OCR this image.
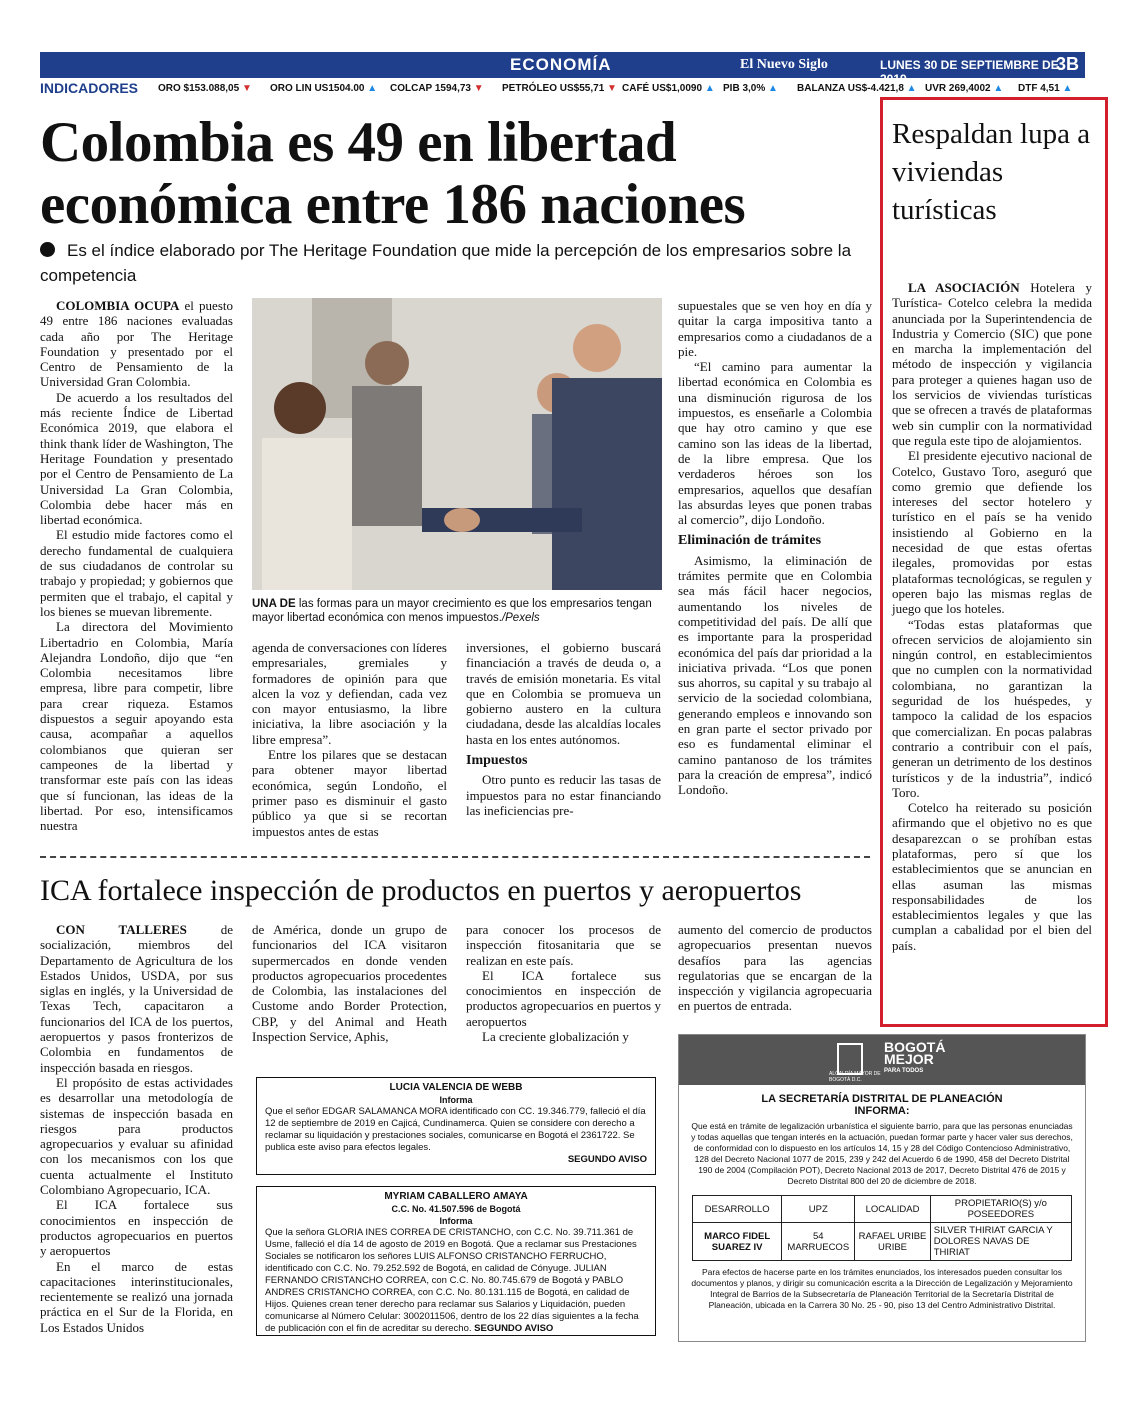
ECONOMÍA	El Nuevo Siglo	LUNES 30 DE SEPTIEMBRE DE 2019
3B
INDICADORES ORO $153.088,05 ▼ ORO LIN US1504.00 ▲ COLCAP 1594,73 ▼ PETRÓLEO US$55,71 ▼ CAFÉ US$1,0090 ▲ PIB 3,0% ▲ BALANZA US$-4.421,8 ▲ UVR 269,4002 ▲ DTF 4,51 ▲
Colombia es 49 en libertad económica entre 186 naciones
Es el índice elaborado por The Heritage Foundation que mide la percepción de los empresarios sobre la competencia

COLOMBIA OCUPA el puesto 49 entre 186 naciones evaluadas cada año por The Heritage Foundation y presentado por el Centro de Pensamiento de la Universidad Gran Colombia.

De acuerdo a los resultados del más reciente Índice de Libertad Económica 2019, que elabora el think thank líder de Washington, The Heritage Foundation y presentado por el Centro de Pensamiento de La Universidad La Gran Colombia, Colombia debe hacer más en libertad económica.

El estudio mide factores como el derecho fundamental de cualquiera de sus ciudadanos de controlar su trabajo y propiedad; y gobiernos que permiten que el trabajo, el capital y los bienes se muevan libremente.

La directora del Movimiento Libertadrio en Colombia, María Alejandra Londoño, dijo que “en Colombia necesitamos libre empresa, libre para competir, libre para crear riqueza. Estamos dispuestos a seguir apoyando esta causa, acompañar a aquellos colombianos que quieran ser campeones de la libertad y transformar este país con las ideas que sí funcionan, las ideas de la libertad. Por eso, intensificamos nuestra

UNA DE las formas para un mayor crecimiento es que los empresarios tengan mayor libertad económica con menos impuestos./Pexels

agenda de conversaciones con líderes empresariales, gremiales y formadores de opinión para que alcen la voz y defiendan, cada vez con mayor entusiasmo, la libre iniciativa, la libre asociación y la libre empresa”.

Entre los pilares que se destacan para obtener mayor libertad económica, según Londoño, el primer paso es disminuir el gasto público ya que si se recortan impuestos antes de estas

inversiones, el gobierno buscará financiación a través de deuda o, a través de emisión monetaria. Es vital que en Colombia se promueva un gobierno austero en la cultura ciudadana, desde las alcaldías locales hasta en los entes autónomos.

Impuestos

Otro punto es reducir las tasas de impuestos para no estar financiando las ineficiencias pre-

supuestales que se ven hoy en día y quitar la carga impositiva tanto a empresarios como a ciudadanos de a pie.

“El camino para aumentar la libertad económica en Colombia es una disminución rigurosa de los impuestos, es enseñarle a Colombia que hay otro camino y que ese camino son las ideas de la libertad, de la libre empresa. Que los verdaderos héroes son los empresarios, aquellos que desafían las absurdas leyes que ponen trabas al comercio”, dijo Londoño.

Eliminación de trámites

Asimismo, la eliminación de trámites permite que en Colombia sea más fácil hacer negocios, aumentando los niveles de competitividad del país. De allí que es importante para la prosperidad económica del país dar prioridad a la iniciativa privada. “Los que ponen sus ahorros, su capital y su trabajo al servicio de la sociedad colombiana, generando empleos e innovando son en gran parte el sector privado por eso es fundamental eliminar el camino pantanoso de los trámites para la creación de empresa”, indicó Londoño.

ICA fortalece inspección de productos en puertos y aeropuertos

CON TALLERES	de socialización, miembros del Departamento de Agricultura de los Estados Unidos, USDA, por sus siglas en inglés, y la Universidad de Texas Tech, capacitaron a funcionarios del ICA de los puertos, aeropuertos y pasos fronterizos de Colombia en fundamentos de inspección basada en riesgos.

El propósito de estas actividades es desarrollar una metodología de sistemas de inspección basada en riesgos para productos agropecuarios y evaluar su afinidad con los mecanismos con los que cuenta actualmente el Instituto Colombiano Agropecuario, ICA.

El ICA fortalece sus conocimientos en inspección de productos agropecuarios en puertos y aeropuertos

En el marco de estas capacitaciones interinstitucionales, recientemente se realizó una jornada práctica en el Sur de la Florida, en Los Estados Unidos

de América, donde un grupo de funcionarios del ICA visitaron supermercados en donde venden productos agropecuarios procedentes de Colombia, las instalaciones del Custome ando Border Protection, CBP, y del Animal and Heath Inspection Service, Aphis,

para conocer los procesos de inspección fitosanitaria que se realizan en este país.

El ICA fortalece sus conocimientos en inspección de productos agropecuarios en puertos y aeropuertos

La creciente globalización y

aumento del comercio de productos agropecuarios presentan nuevos desafíos para las agencias regulatorias que se encargan de la inspección y vigilancia agropecuaria en puertos de entrada.

LUCIA VALENCIA DE WEBB
Informa
Que el señor EDGAR SALAMANCA MORA identificado con CC. 19.346.779, falleció el día 12 de septiembre de 2019 en Cajicá, Cundinamerca. Quien se considere con derecho a reclamar su liquidación y prestaciones sociales, comunicarse en Bogotá el 2361722. Se publica este aviso para efectos legales.
SEGUNDO AVISO
MYRIAM CABALLERO AMAYA
C.C. No. 41.507.596 de Bogotá
Informa
Que la señora GLORIA INES CORREA DE CRISTANCHO, con C.C. No. 39.711.361 de Usme, falleció el día 14 de agosto de 2019 en Bogotá. Que a reclamar sus Prestaciones Sociales se notificaron los señores LUIS ALFONSO CRISTANCHO FERRUCHO, identificado con C.C. No. 79.252.592 de Bogotá, en calidad de Cónyuge. JULIAN FERNANDO CRISTANCHO CORREA, con C.C. No. 80.745.679 de Bogotá y PABLO ANDRES CRISTANCHO CORREA, con C.C. No. 80.131.115 de Bogotá, en calidad de Hijos. Quienes crean tener derecho para reclamar sus Salarios y Liquidación, pueden comunicarse al Número Celular: 3002011506, dentro de los 22 días siguientes a la fecha de publicación con el fin de acreditar su derecho. SEGUNDO AVISO
Respaldan lupa a viviendas turísticas

LA ASOCIACIÓN Hotelera y Turística- Cotelco celebra la medida anunciada por la Superintendencia de Industria y Comercio (SIC) que pone en marcha la implementación del método de inspección y vigilancia para proteger a quienes hagan uso de los servicios de viviendas turísticas que se ofrecen a través de plataformas web sin cumplir con la normatividad que regula este tipo de alojamientos.

El presidente ejecutivo nacional de Cotelco, Gustavo Toro, aseguró que como gremio que defiende los intereses del sector hotelero y turístico en el país se ha venido insistiendo al Gobierno en la necesidad de que estas ofertas ilegales, promovidas por estas plataformas tecnológicas, se regulen y operen bajo las mismas reglas de juego que los hoteles.

“Todas estas plataformas que ofrecen servicios de alojamiento sin ningún control, en establecimientos que no cumplen con la normatividad colombiana, no garantizan la seguridad de los huéspedes, y tampoco la calidad de los espacios que comercializan. En pocas palabras contrario a contribuir con el país, generan un detrimento de los destinos turísticos y de la industria”, indicó Toro.

Cotelco ha reiterado su posición afirmando que el objetivo no es que desaparezcan o se prohíban estas plataformas, pero sí que los establecimientos que se anuncian en ellas asuman las mismas responsabilidades de los establecimientos legales y que las cumplan a cabalidad por el bien del país.

ALCALDÍA MAYOR DE BOGOTÁ D.C.
BOGOTÁ
MEJOR
PARA TODOS
LA SECRETARÍA DISTRITAL DE PLANEACIÓN
INFORMA:
Que está en trámite de legalización urbanística el siguiente barrio, para que las personas enunciadas y todas aquellas que tengan interés en la actuación, puedan formar parte y hacer valer sus derechos, de conformidad con lo dispuesto en los artículos 14, 15 y 28 del Código Contencioso Administrativo, 128 del Decreto Nacional 1077 de 2015, 239 y 242 del Acuerdo 6 de 1990, 458 del Decreto Distrital 190 de 2004 (Compilación POT), Decreto Nacional 2013 de 2017, Decreto Distrital 476 de 2015 y Decreto Distrital 800 del 20 de diciembre de 2018.
DESARROLLO	UPZ	LOCALIDAD	PROPIETARIO(S) y/o POSEEDORES
MARCO FIDEL SUAREZ IV	54 MARRUECOS	RAFAEL URIBE URIBE	SILVER THIRIAT GARCIA Y DOLORES NAVAS DE THIRIAT
Para efectos de hacerse parte en los trámites enunciados, los interesados pueden consultar los documentos y planos, y dirigir su comunicación escrita a la Dirección de Legalización y Mejoramiento Integral de Barrios de la Subsecretaría de Planeación Territorial de la Secretaría Distrital de Planeación, ubicada en la Carrera 30 No. 25 - 90, piso 13 del Centro Administrativo Distrital.
